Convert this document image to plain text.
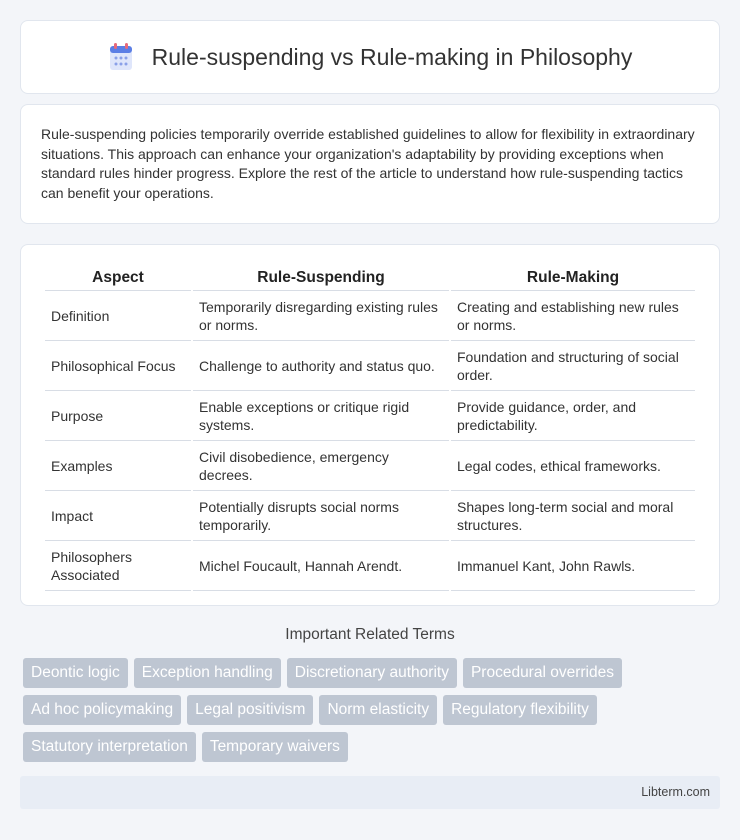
Rule-suspending vs Rule-making in Philosophy

Rule-suspending policies temporarily override established guidelines to allow for flexibility in extraordinary situations. This approach can enhance your organization's adaptability by providing exceptions when standard rules hinder progress. Explore the rest of the article to understand how rule-suspending tactics can benefit your operations.

Aspect	Rule-Suspending	Rule-Making
Definition	Temporarily disregarding existing rules or norms.	Creating and establishing new rules or norms.
Philosophical Focus	Challenge to authority and status quo.	Foundation and structuring of social order.
Purpose	Enable exceptions or critique rigid systems.	Provide guidance, order, and predictability.
Examples	Civil disobedience, emergency decrees.	Legal codes, ethical frameworks.
Impact	Potentially disrupts social norms temporarily.	Shapes long-term social and moral structures.
Philosophers Associated	Michel Foucault, Hannah Arendt.	Immanuel Kant, John Rawls.
Important Related Terms
Deontic logic	Exception handling	Discretionary authority	Procedural overrides
Ad hoc policymaking	Legal positivism	Norm elasticity	Regulatory flexibility
Statutory interpretation	Temporary waivers
Libterm.com
